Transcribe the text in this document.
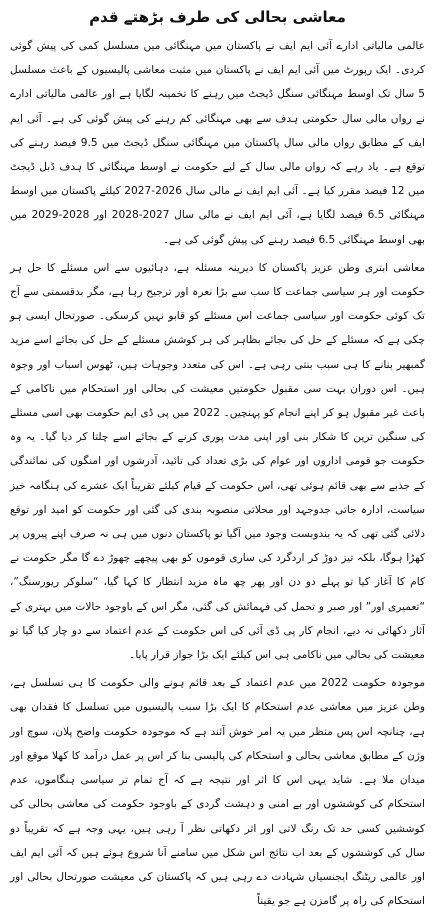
معاشی بحالی کی طرف بڑھتے قدم

عالمی مالیاتی ادارے آئی ایم ایف نے پاکستان میں مہنگائی میں مسلسل کمی کی پیش گوئی کردی۔ ایک رپورٹ میں آئی ایم ایف نے پاکستان میں مثبت معاشی پالیسیوں کے باعث مسلسل 5 سال تک اوسط مہنگائی سنگل ڈیجٹ میں رہنے کا تخمینہ لگایا ہے اور عالمی مالیاتی ادارے نے رواں مالی سال حکومتی ہدف سے بھی مہنگائی کم رہنے کی پیش گوئی کی ہے۔ آئی ایم ایف کے مطابق رواں مالی سال پاکستان میں مہنگائی سنگل ڈیجٹ میں 9.5 فیصد رہنے کی توقع ہے۔ یاد رہے کہ رواں مالی سال کے لیے حکومت نے اوسط مہنگائی کا ہدف ڈبل ڈیجٹ میں 12 فیصد مقرر کیا ہے۔ آئی ایم ایف نے مالی سال 2026-2027 کیلئے پاکستان میں اوسط مہنگائی 6.5 فیصد لگایا ہے، آئی ایم ایف نے مالی سال 2027-2028 اور 2028-2029 میں بھی اوسط مہنگائی 6.5 فیصد رہنے کی پیش گوئی کی ہے۔

معاشی ابتری وطن عزیز پاکستان کا دیرینہ مسئلہ ہے، دہائیوں سے اس مسئلے کا حل ہر حکومت اور ہر سیاسی جماعت کا سب سے بڑا نعرہ اور ترجیح رہا ہے، مگر بدقسمتی سے آج تک کوئی حکومت اور سیاسی جماعت اس مسئلے کو قابو نہیں کرسکی۔ صورتحال ایسی ہو چکی ہے کہ مسئلے کے حل کی بجائے بظاہر کی ہر کوشش مسئلے کے حل کی بجائے اسے مزید گمبھیر بنانے کا ہی سبب بنتی رہی ہے۔ اس کی متعدد وجوہات ہیں، ٹھوس اسباب اور وجوہ ہیں۔ اس دوران بہت سی مقبول حکومتیں معیشت کی بحالی اور استحکام میں ناکامی کے باعث غیر مقبول ہو کر اپنے انجام کو پہنچیں۔ 2022 میں پی ڈی ایم حکومت بھی اسی مسئلے کی سنگین ترین کا شکار بنی اور اپنی مدت پوری کرنے کے بجائے اسے چلتا کر دیا گیا۔ یہ وہ حکومت جو قومی اداروں اور عوام کی بڑی تعداد کی تائید، آدرشوں اور امنگوں کی نمائندگی کے جذبے سے بھی قائم ہوئی تھی، اس حکومت کے قیام کیلئے تقریباً ایک عشرے کی ہنگامہ خیز سیاست، ادارہ جاتی جدوجہد اور محلاتی منصوبہ بندی کی گئی اور حکومت کو امید اور توقع دلائی گئی تھی کہ یہ بندوبست وجود میں آگیا تو پاکستان دنوں میں ہی نہ صرف اپنے پیروں پر کھڑا ہوگا، بلکہ تیز دوڑ کر اردگرد کی ساری قوموں کو بھی پیچھے چھوڑ دے گا مگر حکومت نے کام کا آغاز کیا تو پہلے دو دن اور پھر چھ ماہ مزید انتظار کا کہا گیا، “سلوکر ریورسنگ”، “تعمیری اور” اور صبر و تحمل کی فہمائش کی گئی، مگر اس کے باوجود حالات میں بہتری کے آثار دکھائی نہ دیے، انجام کار پی ڈی آئی کی اس حکومت کے عدم اعتماد سے دو چار کیا گیا تو معیشت کی بحالی میں ناکامی ہی اس کیلئے ایک بڑا جواز قرار پایا۔

موجودہ حکومت 2022 میں عدم اعتماد کے بعد قائم ہونے والی حکومت کا ہی تسلسل ہے، وطن عزیز میں معاشی عدم استحکام کا ایک بڑا سبب پالیسیوں میں تسلسل کا فقدان بھی ہے، چنانچہ اس پس منظر میں یہ امر خوش آئند ہے کہ موجودہ حکومت واضح پلان، سوچ اور وژن کے مطابق معاشی بحالی و استحکام کی پالیسی بنا کر اس پر عمل درآمد کا کھلا موقع اور میدان ملا ہے۔ شاید یہی اس کا اثر اور نتیجہ ہے کہ آج تمام تر سیاسی ہنگاموں، عدم استحکام کی کوششوں اور بے امنی و دہشت گردی کے باوجود حکومت کی معاشی بحالی کی کوششیں کسی حد تک رنگ لاتی اور اثر دکھاتی نظر آ رہی ہیں، یہی وجہ ہے کہ تقریباً دو سال کی کوششوں کے بعد اب نتائج اس شکل میں سامنے آنا شروع ہوئے ہیں کہ آئی ایم ایف اور عالمی ریٹنگ ایجنسیاں شہادت دے رہی ہیں کہ پاکستان کی معیشت صورتحال بحالی اور استحکام کی راہ پر گامزن ہے جو یقیناً
